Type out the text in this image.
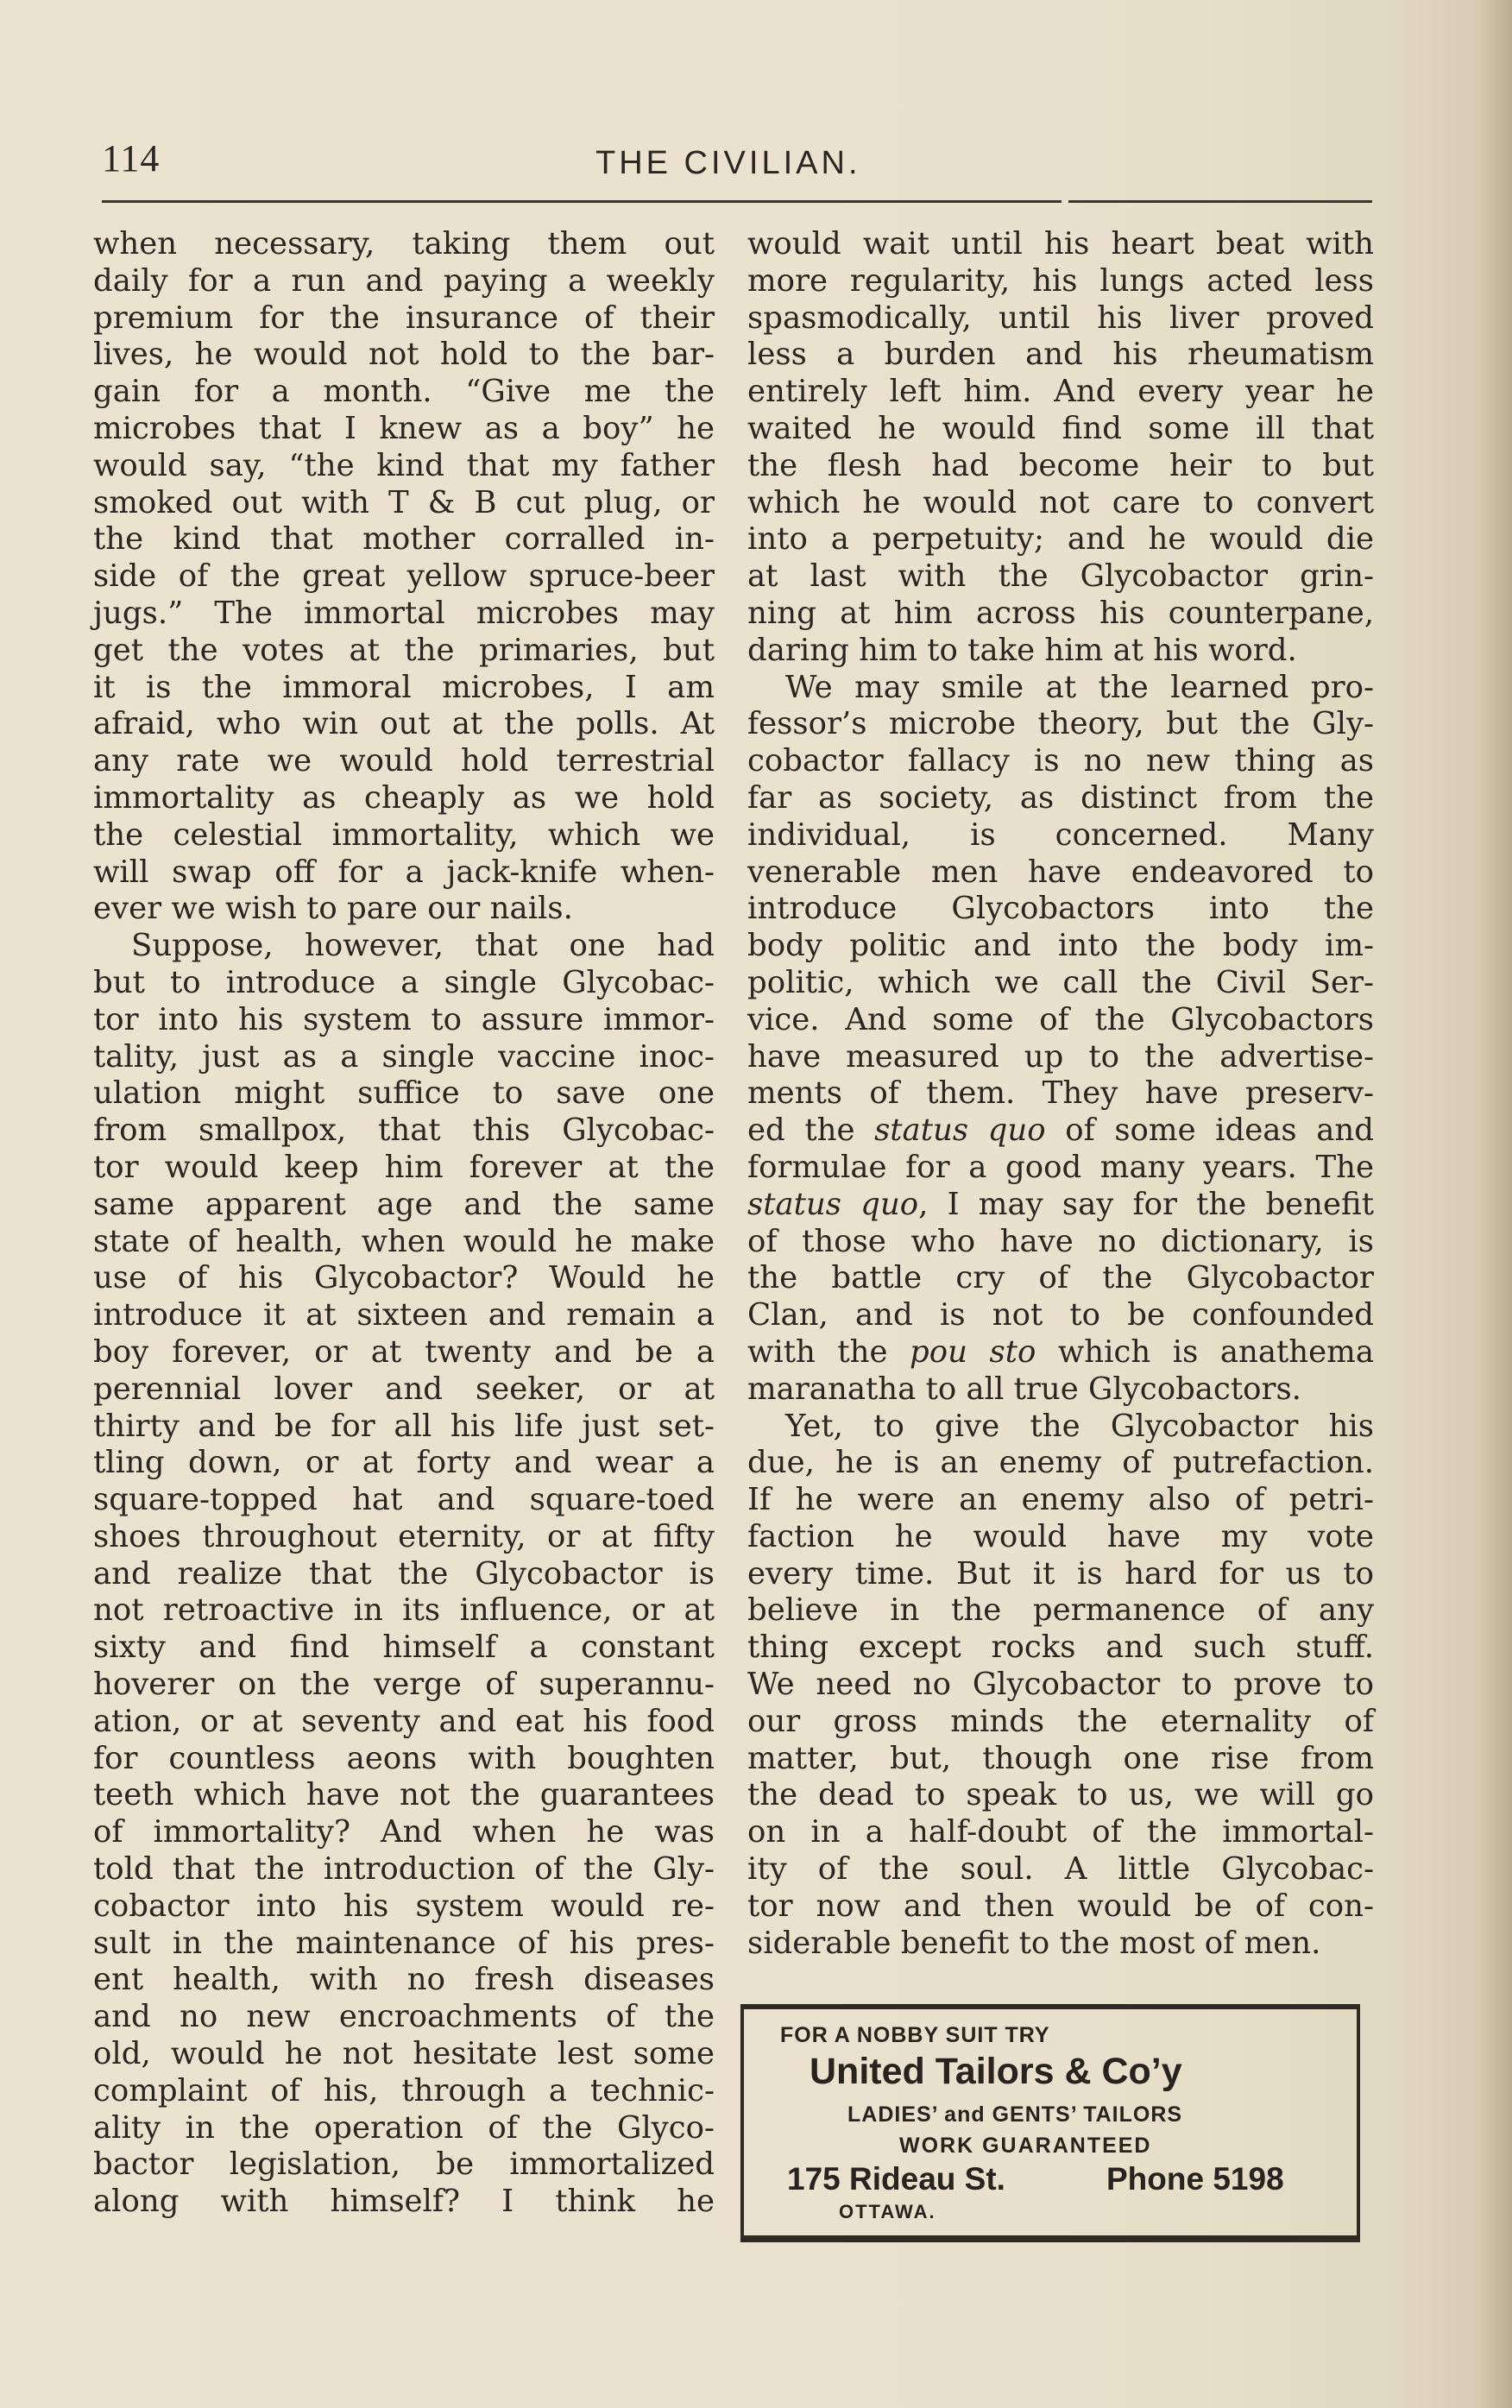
114	THE CIVILIAN.
when necessary, taking them out
daily for a run and paying a weekly
premium for the insurance of their
lives, he would not hold to the bar-
gain for a month. “Give me the
microbes that I knew as a boy” he
would say, “the kind that my father
smoked out with T & B cut plug, or
the kind that mother corralled in-
side of the great yellow spruce-beer
jugs.” The immortal microbes may
get the votes at the primaries, but
it is the immoral microbes, I am
afraid, who win out at the polls. At
any rate we would hold terrestrial
immortality as cheaply as we hold
the celestial immortality, which we
will swap off for a jack-knife when-
ever we wish to pare our nails.
Suppose, however, that one had
but to introduce a single Glycobac-
tor into his system to assure immor-
tality, just as a single vaccine inoc-
ulation might suffice to save one
from smallpox, that this Glycobac-
tor would keep him forever at the
same apparent age and the same
state of health, when would he make
use of his Glycobactor? Would he
introduce it at sixteen and remain a
boy forever, or at twenty and be a
perennial lover and seeker, or at
thirty and be for all his life just set-
tling down, or at forty and wear a
square-topped hat and square-toed
shoes throughout eternity, or at fifty
and realize that the Glycobactor is
not retroactive in its influence, or at
sixty and find himself a constant
hoverer on the verge of superannu-
ation, or at seventy and eat his food
for countless aeons with boughten
teeth which have not the guarantees
of immortality? And when he was
told that the introduction of the Gly-
cobactor into his system would re-
sult in the maintenance of his pres-
ent health, with no fresh diseases
and no new encroachments of the
old, would he not hesitate lest some
complaint of his, through a technic-
ality in the operation of the Glyco-
bactor legislation, be immortalized
along with himself? I think he
would wait until his heart beat with
more regularity, his lungs acted less
spasmodically, until his liver proved
less a burden and his rheumatism
entirely left him. And every year he
waited he would find some ill that
the flesh had become heir to but
which he would not care to convert
into a perpetuity; and he would die
at last with the Glycobactor grin-
ning at him across his counterpane,
daring him to take him at his word.
We may smile at the learned pro-
fessor’s microbe theory, but the Gly-
cobactor fallacy is no new thing as
far as society, as distinct from the
individual, is concerned. Many
venerable men have endeavored to
introduce Glycobactors into the
body politic and into the body im-
politic, which we call the Civil Ser-
vice. And some of the Glycobactors
have measured up to the advertise-
ments of them. They have preserv-
ed the status quo of some ideas and
formulae for a good many years. The
status quo, I may say for the benefit
of those who have no dictionary, is
the battle cry of the Glycobactor
Clan, and is not to be confounded
with the pou sto which is anathema
maranatha to all true Glycobactors.
Yet, to give the Glycobactor his
due, he is an enemy of putrefaction.
If he were an enemy also of petri-
faction he would have my vote
every time. But it is hard for us to
believe in the permanence of any
thing except rocks and such stuff.
We need no Glycobactor to prove to
our gross minds the eternality of
matter, but, though one rise from
the dead to speak to us, we will go
on in a half-doubt of the immortal-
ity of the soul. A little Glycobac-
tor now and then would be of con-
siderable benefit to the most of men.
FOR A NOBBY SUIT TRY
United Tailors & Co’y
LADIES’ and GENTS’ TAILORS
WORK GUARANTEED
175 Rideau St.	Phone 5198
OTTAWA.
